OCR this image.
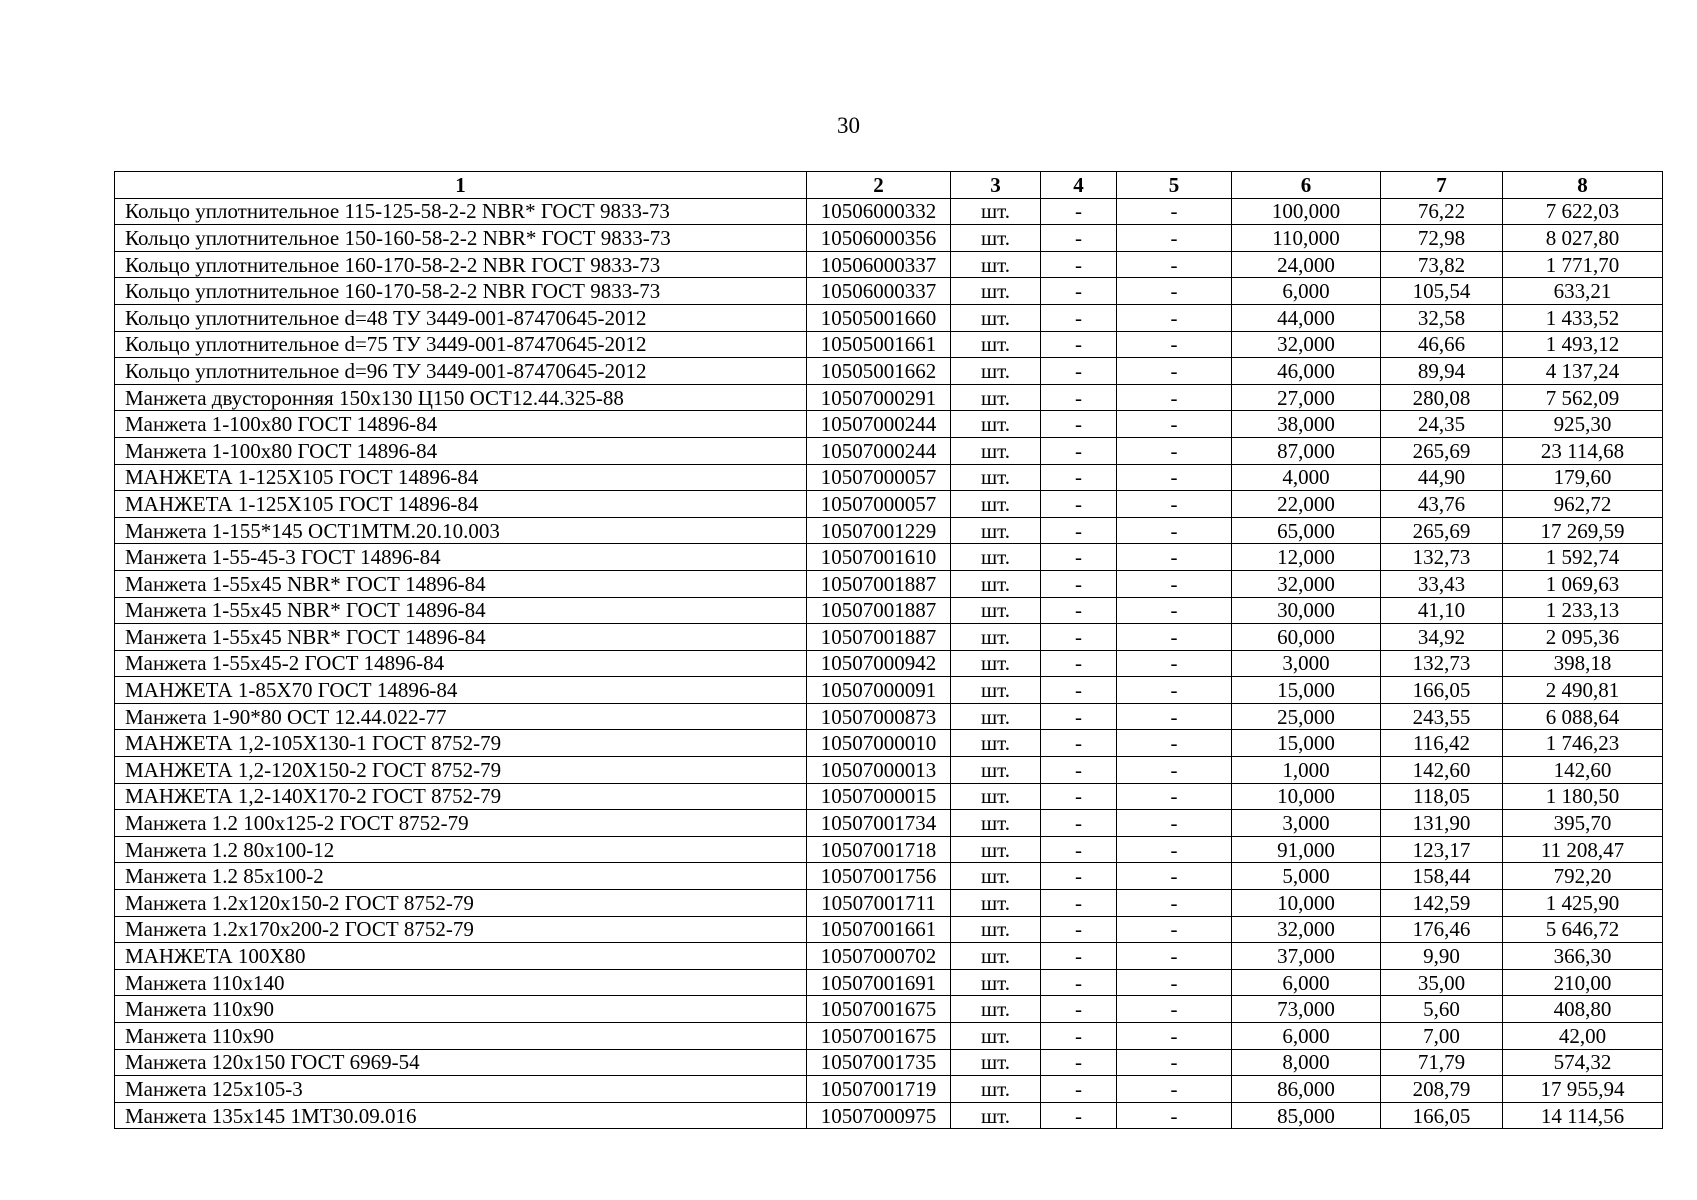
30
1	2	3	4	5	6	7	8
Кольцо уплотнительное 115-125-58-2-2 NBR* ГОСТ 9833-73	10506000332	шт.	-	-	100,000	76,22	7 622,03
Кольцо уплотнительное 150-160-58-2-2 NBR* ГОСТ 9833-73	10506000356	шт.	-	-	110,000	72,98	8 027,80
Кольцо уплотнительное 160-170-58-2-2 NBR ГОСТ 9833-73	10506000337	шт.	-	-	24,000	73,82	1 771,70
Кольцо уплотнительное 160-170-58-2-2 NBR ГОСТ 9833-73	10506000337	шт.	-	-	6,000	105,54	633,21
Кольцо уплотнительное d=48 ТУ 3449-001-87470645-2012	10505001660	шт.	-	-	44,000	32,58	1 433,52
Кольцо уплотнительное d=75 ТУ 3449-001-87470645-2012	10505001661	шт.	-	-	32,000	46,66	1 493,12
Кольцо уплотнительное d=96 ТУ 3449-001-87470645-2012	10505001662	шт.	-	-	46,000	89,94	4 137,24
Манжета двусторонняя 150х130 Ц150 ОСТ12.44.325-88	10507000291	шт.	-	-	27,000	280,08	7 562,09
Манжета 1-100х80 ГОСТ 14896-84	10507000244	шт.	-	-	38,000	24,35	925,30
Манжета 1-100х80 ГОСТ 14896-84	10507000244	шт.	-	-	87,000	265,69	23 114,68
МАНЖЕТА 1-125Х105 ГОСТ 14896-84	10507000057	шт.	-	-	4,000	44,90	179,60
МАНЖЕТА 1-125Х105 ГОСТ 14896-84	10507000057	шт.	-	-	22,000	43,76	962,72
Манжета 1-155*145 ОСТ1МТМ.20.10.003	10507001229	шт.	-	-	65,000	265,69	17 269,59
Манжета 1-55-45-3 ГОСТ 14896-84	10507001610	шт.	-	-	12,000	132,73	1 592,74
Манжета 1-55х45 NBR* ГОСТ 14896-84	10507001887	шт.	-	-	32,000	33,43	1 069,63
Манжета 1-55х45 NBR* ГОСТ 14896-84	10507001887	шт.	-	-	30,000	41,10	1 233,13
Манжета 1-55х45 NBR* ГОСТ 14896-84	10507001887	шт.	-	-	60,000	34,92	2 095,36
Манжета 1-55х45-2 ГОСТ 14896-84	10507000942	шт.	-	-	3,000	132,73	398,18
МАНЖЕТА 1-85Х70 ГОСТ 14896-84	10507000091	шт.	-	-	15,000	166,05	2 490,81
Манжета 1-90*80 ОСТ 12.44.022-77	10507000873	шт.	-	-	25,000	243,55	6 088,64
МАНЖЕТА 1,2-105Х130-1 ГОСТ 8752-79	10507000010	шт.	-	-	15,000	116,42	1 746,23
МАНЖЕТА 1,2-120Х150-2 ГОСТ 8752-79	10507000013	шт.	-	-	1,000	142,60	142,60
МАНЖЕТА 1,2-140Х170-2 ГОСТ 8752-79	10507000015	шт.	-	-	10,000	118,05	1 180,50
Манжета 1.2 100х125-2 ГОСТ 8752-79	10507001734	шт.	-	-	3,000	131,90	395,70
Манжета 1.2 80х100-12	10507001718	шт.	-	-	91,000	123,17	11 208,47
Манжета 1.2 85х100-2	10507001756	шт.	-	-	5,000	158,44	792,20
Манжета 1.2х120х150-2 ГОСТ 8752-79	10507001711	шт.	-	-	10,000	142,59	1 425,90
Манжета 1.2х170х200-2 ГОСТ 8752-79	10507001661	шт.	-	-	32,000	176,46	5 646,72
МАНЖЕТА 100Х80	10507000702	шт.	-	-	37,000	9,90	366,30
Манжета 110х140	10507001691	шт.	-	-	6,000	35,00	210,00
Манжета 110х90	10507001675	шт.	-	-	73,000	5,60	408,80
Манжета 110х90	10507001675	шт.	-	-	6,000	7,00	42,00
Манжета 120х150 ГОСТ 6969-54	10507001735	шт.	-	-	8,000	71,79	574,32
Манжета 125х105-3	10507001719	шт.	-	-	86,000	208,79	17 955,94
Манжета 135х145 1МТ30.09.016	10507000975	шт.	-	-	85,000	166,05	14 114,56
